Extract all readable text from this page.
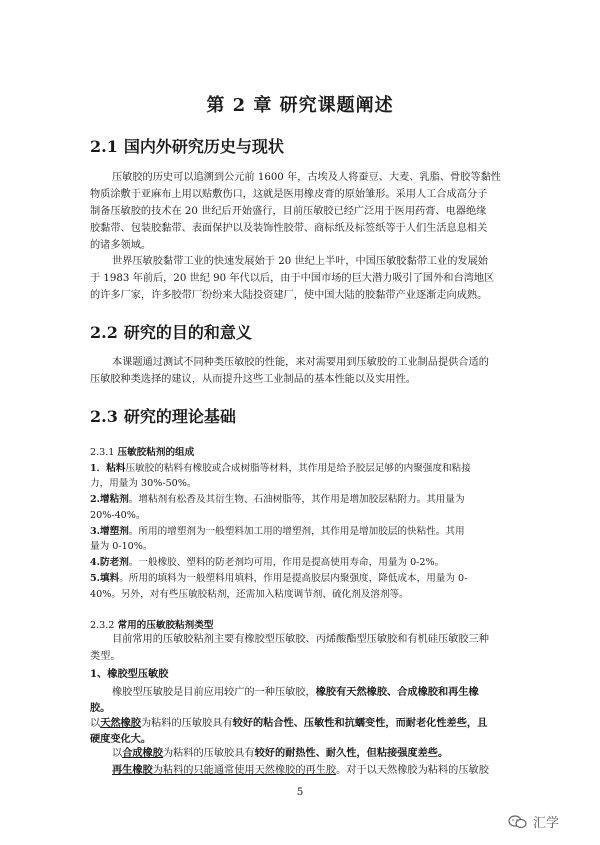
第 2 章 研究课题阐述
2.1 国内外研究历史与现状
压敏胶的历史可以追溯到公元前 1600 年，古埃及人将蚕豆、大麦、乳脂、骨胶等黏性
物质涂敷于亚麻布上用以贴敷伤口，这就是医用橡皮膏的原始雏形。采用人工合成高分子
制备压敏胶的技术在 20 世纪后开始盛行，目前压敏胶已经广泛用于医用药膏、电器绝缘
胶黏带、包装胶黏带、表面保护以及装饰性胶带、商标纸及标签纸等于人们生活息息相关
的诸多领域。
世界压敏胶黏带工业的快速发展始于 20 世纪上半叶，中国压敏胶黏带工业的发展始
于 1983 年前后，20 世纪 90 年代以后，由于中国市场的巨大潜力吸引了国外和台湾地区
的许多厂家，许多胶带厂纷纷来大陆投资建厂，使中国大陆的胶黏带产业逐渐走向成熟。
2.2 研究的目的和意义
本课题通过测试不同种类压敏胶的性能，来对需要用到压敏胶的工业制品提供合适的
压敏胶种类选择的建议，从而提升这些工业制品的基本性能以及实用性。
2.3 研究的理论基础
2.3.1 压敏胶粘剂的组成
1．粘料压敏胶的粘料有橡胶或合成树脂等材料，其作用是给予胶层足够的内聚强度和粘接
力，用量为 30%-50%。
2.增粘剂。增粘剂有松香及其衍生物、石油树脂等，其作用是增加胶层粘附力。其用量为
20%-40%。
3.增塑剂。所用的增塑剂为一般塑料加工用的增塑剂，其作用是增加胶层的快粘性。其用
量为 0-10%。
4.防老剂。一般橡胶、塑料的防老剂均可用，作用是提高使用寿命，用量为 0-2%。
5.填料。所用的填料为一般塑料用填料，作用是提高胶层内聚强度，降低成本，用量为 0-
40%。另外，对有些压敏胶粘剂，还需加入粘度调节剂、硫化剂及溶剂等。
2.3.2 常用的压敏胶粘剂类型
目前常用的压敏胶粘剂主要有橡胶型压敏胶、丙烯酸酯型压敏胶和有机硅压敏胶三种
类型。
1、橡胶型压敏胶
橡胶型压敏胶是目前应用较广的一种压敏胶，橡胶有天然橡胶、合成橡胶和再生橡
胶。
以天然橡胶为粘料的压敏胶具有较好的粘合性、压敏性和抗蠕变性，而耐老化性差些，且
硬度变化大。
以合成橡胶为粘料的压敏胶具有较好的耐热性、耐久性，但粘接强度差些。
再生橡胶为粘料的只能通常使用天然橡胶的再生胶。对于以天然橡胶为粘料的压敏胶
5
汇学
